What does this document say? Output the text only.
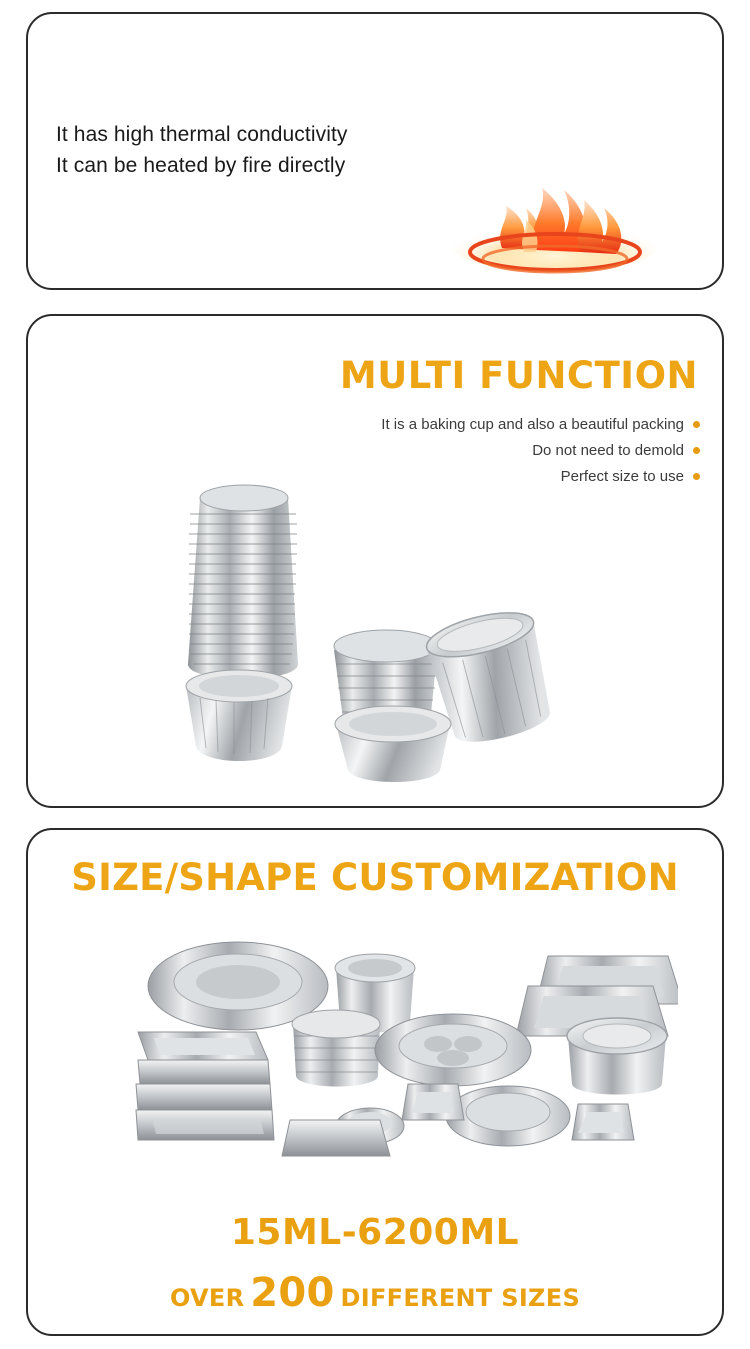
It has high thermal conductivity
It can be heated by fire directly
MULTI FUNCTION
It is a baking cup and also a beautiful packing
Do not need to demold
Perfect size to use
SIZE/SHAPE CUSTOMIZATION
15ML-6200ML
OVER 200 DIFFERENT SIZES
